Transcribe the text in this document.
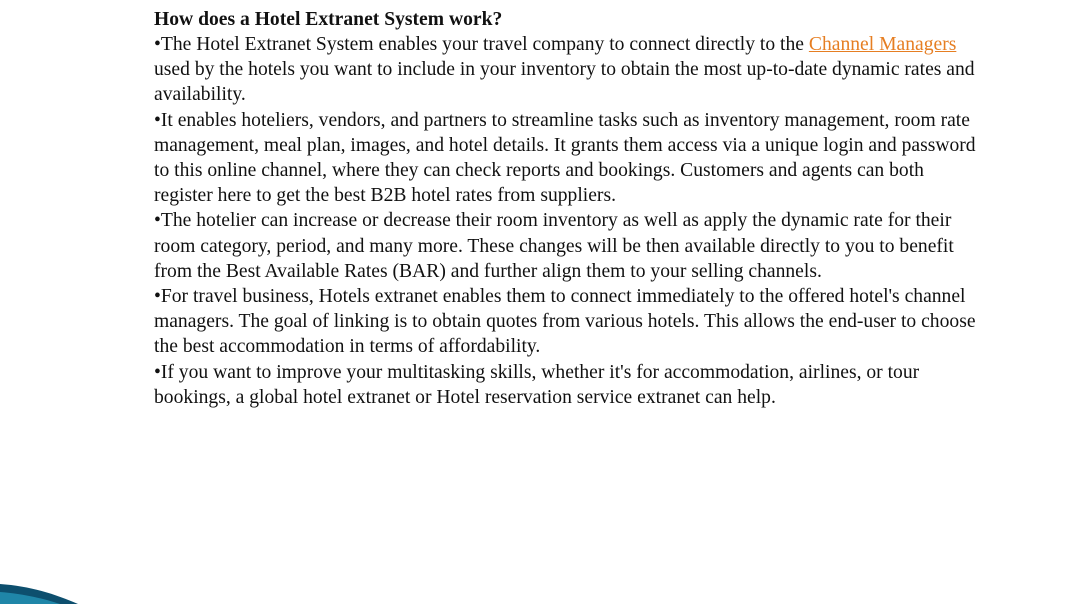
How does a Hotel Extranet System work?

•The Hotel Extranet System enables your travel company to connect directly to the Channel Managers used by the hotels you want to include in your inventory to obtain the most up-to-date dynamic rates and availability.

•It enables hoteliers, vendors, and partners to streamline tasks such as inventory management, room rate management, meal plan, images, and hotel details. It grants them access via a unique login and password to this online channel, where they can check reports and bookings. Customers and agents can both register here to get the best B2B hotel rates from suppliers.

•The hotelier can increase or decrease their room inventory as well as apply the dynamic rate for their room category, period, and many more. These changes will be then available directly to you to benefit from the Best Available Rates (BAR) and further align them to your selling channels.

•For travel business, Hotels extranet enables them to connect immediately to the offered hotel's channel managers. The goal of linking is to obtain quotes from various hotels. This allows the end-user to choose the best accommodation in terms of affordability.

•If you want to improve your multitasking skills, whether it's for accommodation, airlines, or tour bookings, a global hotel extranet or Hotel reservation service extranet can help.
